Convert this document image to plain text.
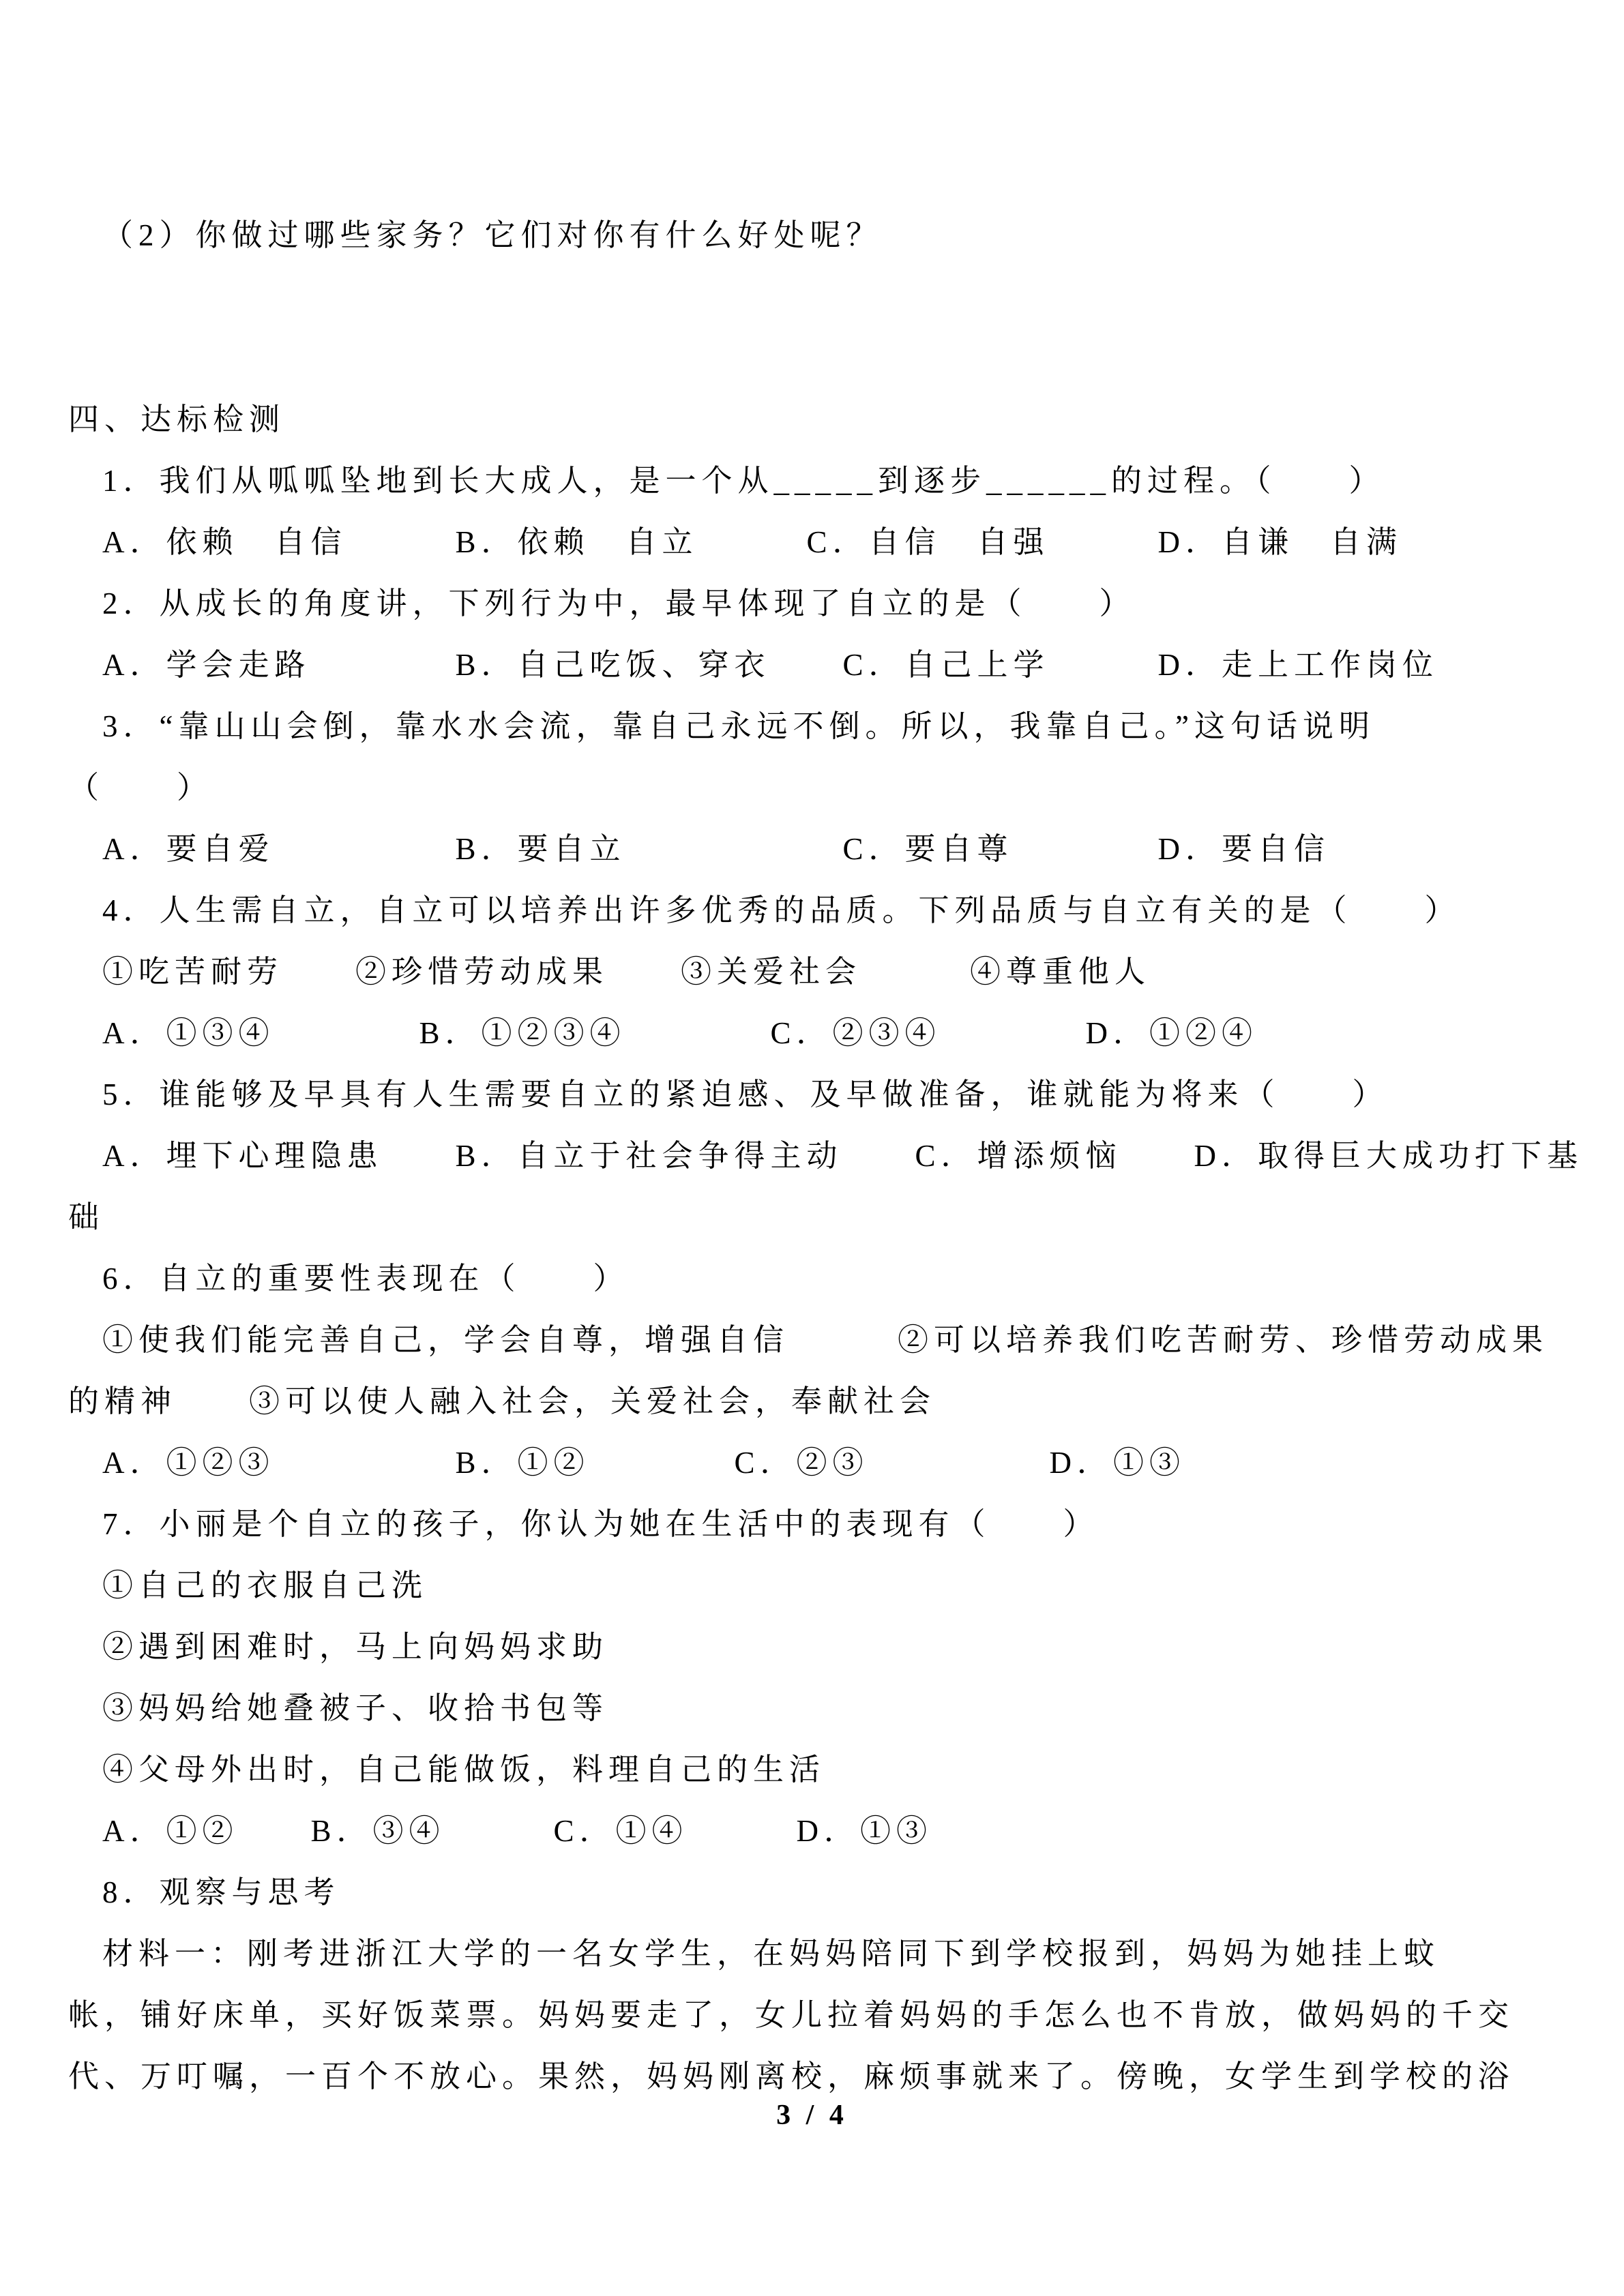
（2）你做过哪些家务？它们对你有什么好处呢？

四、达标检测

1．我们从呱呱坠地到长大成人，是一个从_____到逐步______的过程。（　　）

A．依赖　自信　　　B．依赖　自立　　　C．自信　自强　　　D．自谦　自满

2．从成长的角度讲，下列行为中，最早体现了自立的是（　　）

A．学会走路　　　　B．自己吃饭、穿衣　　C．自己上学　　　D．走上工作岗位

3．“靠山山会倒，靠水水会流，靠自己永远不倒。所以，我靠自己。”这句话说明

（　　）

A．要自爱　　　　　B．要自立　　　　　　C．要自尊　　　　D．要自信

4．人生需自立，自立可以培养出许多优秀的品质。下列品质与自立有关的是（　　）

①吃苦耐劳　　②珍惜劳动成果　　③关爱社会　　　④尊重他人

A．①③④　　　　B．①②③④　　　　C．②③④　　　　D．①②④

5．谁能够及早具有人生需要自立的紧迫感、及早做准备，谁就能为将来（　　）

A．埋下心理隐患　　B．自立于社会争得主动　　C．增添烦恼　　D．取得巨大成功打下基

础

6．自立的重要性表现在（　　）

①使我们能完善自己，学会自尊，增强自信　　　②可以培养我们吃苦耐劳、珍惜劳动成果

的精神　　③可以使人融入社会，关爱社会，奉献社会

A．①②③　　　　　B．①②　　　　C．②③　　　　　D．①③

7．小丽是个自立的孩子，你认为她在生活中的表现有（　　）

①自己的衣服自己洗

②遇到困难时，马上向妈妈求助

③妈妈给她叠被子、收拾书包等

④父母外出时，自己能做饭，料理自己的生活

A．①②　　B．③④　　　C．①④　　　D．①③

8．观察与思考

材料一：刚考进浙江大学的一名女学生，在妈妈陪同下到学校报到，妈妈为她挂上蚊

帐，铺好床单，买好饭菜票。妈妈要走了，女儿拉着妈妈的手怎么也不肯放，做妈妈的千交

代、万叮嘱，一百个不放心。果然，妈妈刚离校，麻烦事就来了。傍晚，女学生到学校的浴

3 / 4
